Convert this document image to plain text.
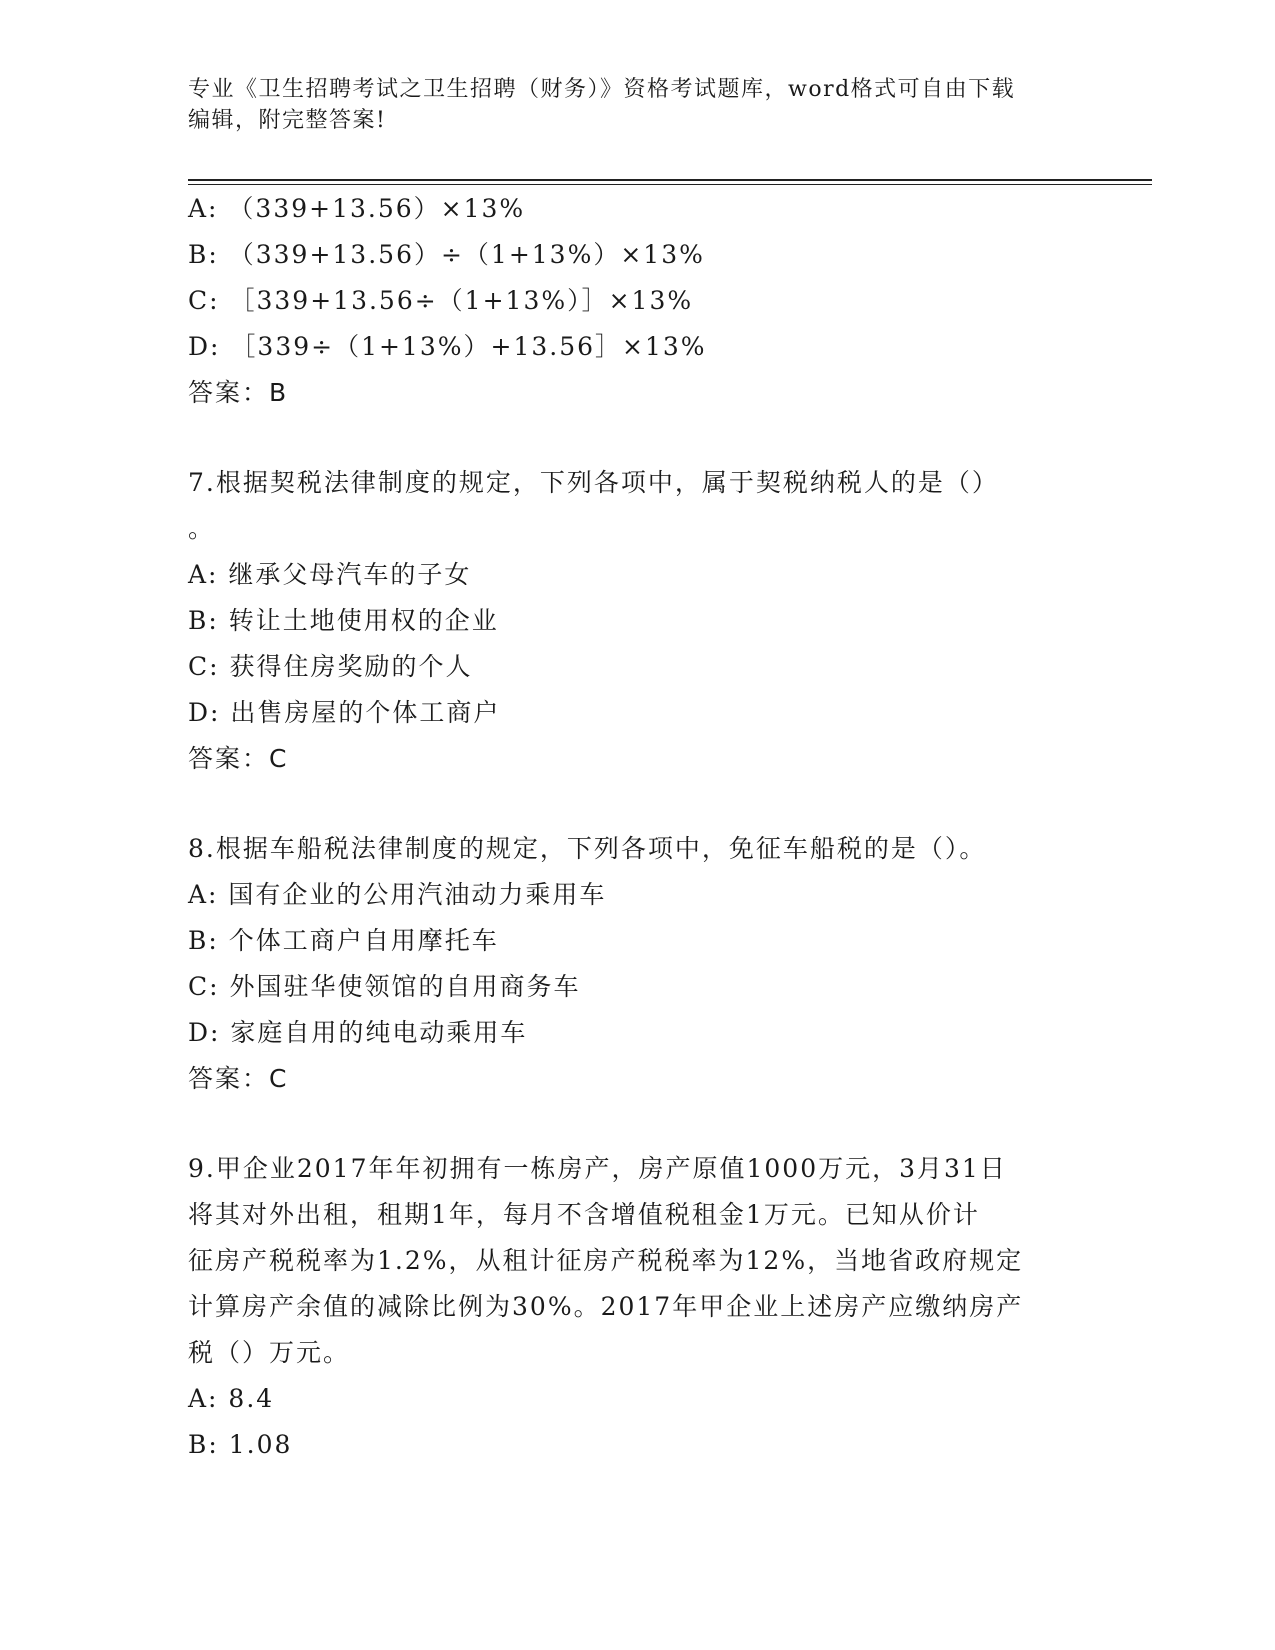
专业《卫生招聘考试之卫生招聘（财务）》资格考试题库，word格式可自由下载
编辑，附完整答案!
A: （339+13.56）×13%
B: （339+13.56）÷（1+13%）×13%
C: ［339+13.56÷（1+13%）］×13%
D: ［339÷（1+13%）+13.56］×13%
答案：B
7.根据契税法律制度的规定，下列各项中，属于契税纳税人的是（）
。
A: 继承父母汽车的子女
B: 转让土地使用权的企业
C: 获得住房奖励的个人
D: 出售房屋的个体工商户
答案：C
8.根据车船税法律制度的规定，下列各项中，免征车船税的是（）。
A: 国有企业的公用汽油动力乘用车
B: 个体工商户自用摩托车
C: 外国驻华使领馆的自用商务车
D: 家庭自用的纯电动乘用车
答案：C
9.甲企业2017年年初拥有一栋房产，房产原值1000万元，3月31日
将其对外出租，租期1年，每月不含增值税租金1万元。已知从价计
征房产税税率为1.2%，从租计征房产税税率为12%，当地省政府规定
计算房产余值的减除比例为30%。2017年甲企业上述房产应缴纳房产
税（）万元。
A: 8.4
B: 1.08
